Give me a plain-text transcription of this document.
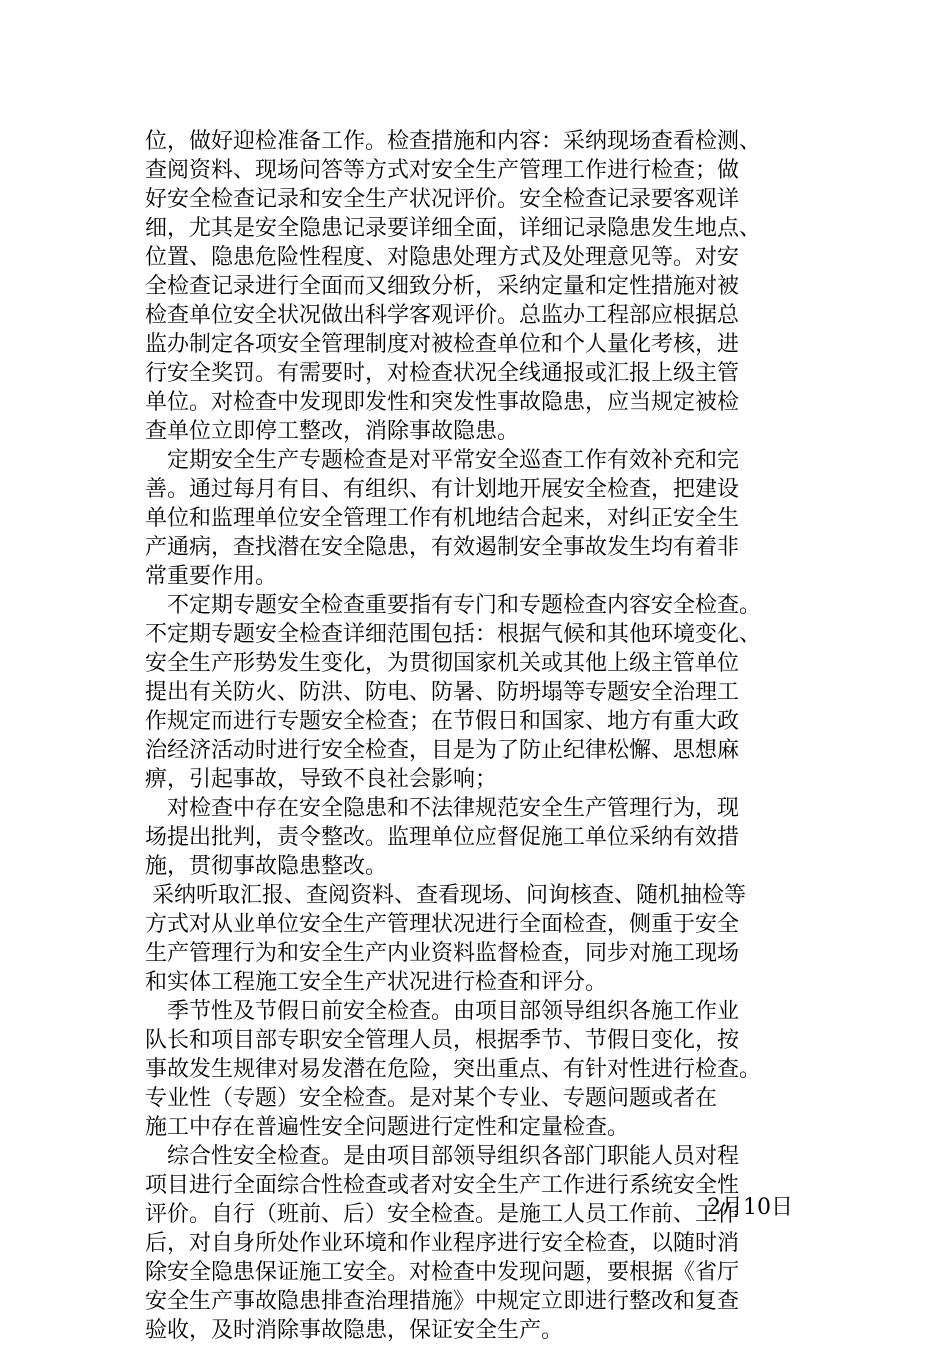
位，做好迎检准备工作。检查措施和内容：采纳现场查看检测、
查阅资料、现场问答等方式对安全生产管理工作进行检查；做
好安全检查记录和安全生产状况评价。安全检查记录要客观详
细，尤其是安全隐患记录要详细全面，详细记录隐患发生地点、
位置、隐患危险性程度、对隐患处理方式及处理意见等。对安
全检查记录进行全面而又细致分析，采纳定量和定性措施对被
检查单位安全状况做出科学客观评价。总监办工程部应根据总
监办制定各项安全管理制度对被检查单位和个人量化考核，进
行安全奖罚。有需要时，对检查状况全线通报或汇报上级主管
单位。对检查中发现即发性和突发性事故隐患，应当规定被检
查单位立即停工整改，消除事故隐患。
　定期安全生产专题检查是对平常安全巡查工作有效补充和完
善。通过每月有目、有组织、有计划地开展安全检查，把建设
单位和监理单位安全管理工作有机地结合起来，对纠正安全生
产通病，查找潜在安全隐患，有效遏制安全事故发生均有着非
常重要作用。
　不定期专题安全检查重要指有专门和专题检查内容安全检查。
不定期专题安全检查详细范围包括：根据气候和其他环境变化、
安全生产形势发生变化，为贯彻国家机关或其他上级主管单位
提出有关防火、防洪、防电、防暑、防坍塌等专题安全治理工
作规定而进行专题安全检查；在节假日和国家、地方有重大政
治经济活动时进行安全检查，目是为了防止纪律松懈、思想麻
痹，引起事故，导致不良社会影响；
　对检查中存在安全隐患和不法律规范安全生产管理行为，现
场提出批判，责令整改。监理单位应督促施工单位采纳有效措
施，贯彻事故隐患整改。
采纳听取汇报、查阅资料、查看现场、问询核查、随机抽检等
方式对从业单位安全生产管理状况进行全面检查，侧重于安全
生产管理行为和安全生产内业资料监督检查，同步对施工现场
和实体工程施工安全生产状况进行检查和评分。
　季节性及节假日前安全检查。由项目部领导组织各施工作业
队长和项目部专职安全管理人员，根据季节、节假日变化，按
事故发生规律对易发潜在危险，突出重点、有针对性进行检查。
专业性（专题）安全检查。是对某个专业、专题问题或者在
施工中存在普遍性安全问题进行定性和定量检查。
　综合性安全检查。是由项目部领导组织各部门职能人员对程
项目进行全面综合性检查或者对安全生产工作进行系统安全性
评价。自行（班前、后）安全检查。是施工人员工作前、工作
后，对自身所处作业环境和作业程序进行安全检查，以随时消
除安全隐患保证施工安全。对检查中发现问题，要根据《省厅
安全生产事故隐患排查治理措施》中规定立即进行整改和复查
验收，及时消除事故隐患，保证安全生产。
2月10日
